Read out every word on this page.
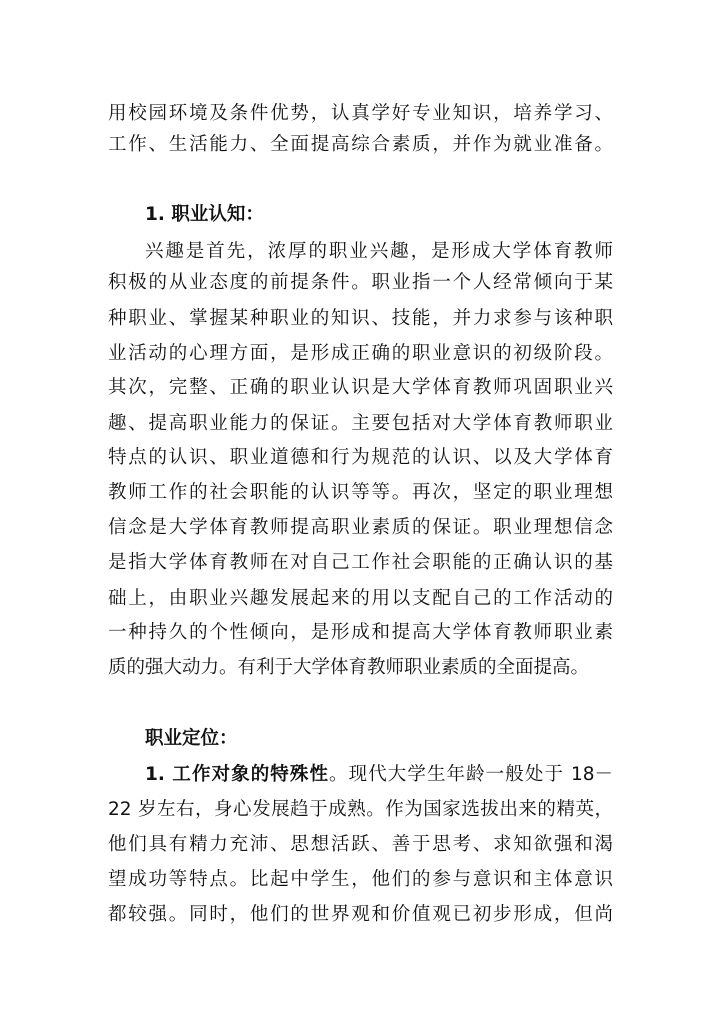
用校园环境及条件优势，认真学好专业知识，培养学习、
工作、生活能力、全面提高综合素质，并作为就业准备。
1. 职业认知：
兴趣是首先，浓厚的职业兴趣，是形成大学体育教师
积极的从业态度的前提条件。职业指一个人经常倾向于某
种职业、掌握某种职业的知识、技能，并力求参与该种职
业活动的心理方面，是形成正确的职业意识的初级阶段。
其次，完整、正确的职业认识是大学体育教师巩固职业兴
趣、提高职业能力的保证。主要包括对大学体育教师职业
特点的认识、职业道德和行为规范的认识、以及大学体育
教师工作的社会职能的认识等等。再次，坚定的职业理想
信念是大学体育教师提高职业素质的保证。职业理想信念
是指大学体育教师在对自己工作社会职能的正确认识的基
础上，由职业兴趣发展起来的用以支配自己的工作活动的
一种持久的个性倾向，是形成和提高大学体育教师职业素
质的强大动力。有利于大学体育教师职业素质的全面提高。
职业定位：
1. 工作对象的特殊性。现代大学生年龄一般处于 18－
22 岁左右，身心发展趋于成熟。作为国家选拔出来的精英，
他们具有精力充沛、思想活跃、善于思考、求知欲强和渴
望成功等特点。比起中学生，他们的参与意识和主体意识
都较强。同时，他们的世界观和价值观已初步形成，但尚
